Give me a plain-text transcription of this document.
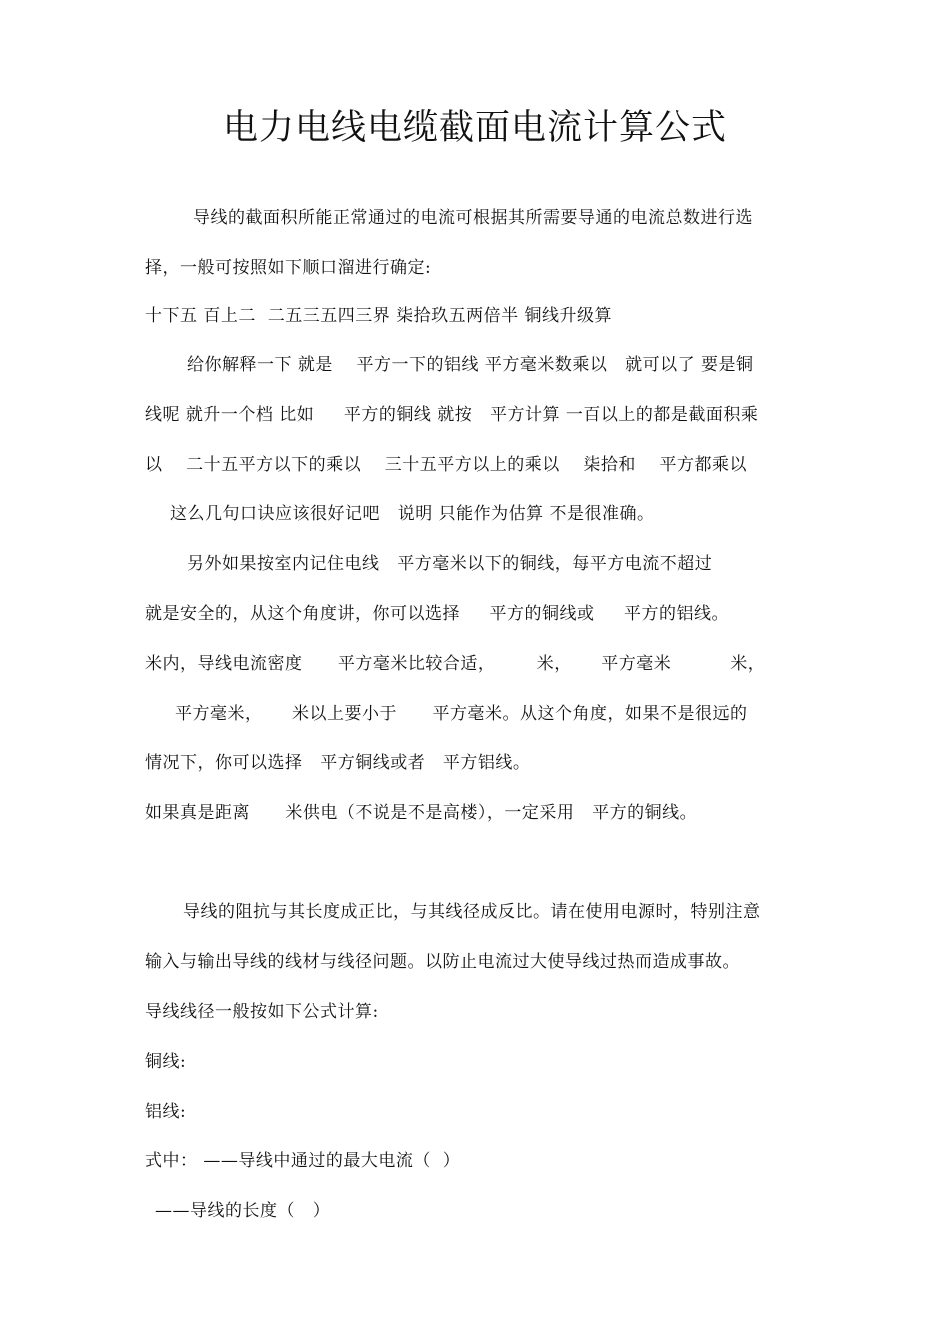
电力电线电缆截面电流计算公式
导线的截面积所能正常通过的电流可根据其所需要导通的电流总数进行选
择，一般可按照如下顺口溜进行确定:
十下五 百上二  二五三五四三界 柒拾玖五两倍半 铜线升级算
给你解释一下 就是    平方一下的铝线 平方毫米数乘以   就可以了 要是铜
线呢 就升一个档 比如     平方的铜线 就按   平方计算 一百以上的都是截面积乘
以    二十五平方以下的乘以    三十五平方以上的乘以    柒拾和    平方都乘以
这么几句口诀应该很好记吧   说明 只能作为估算 不是很准确。
另外如果按室内记住电线   平方毫米以下的铜线，每平方电流不超过
就是安全的，从这个角度讲，你可以选择     平方的铜线或     平方的铝线。
米内，导线电流密度      平方毫米比较合适，       米，     平方毫米          米，
平方毫米，     米以上要小于      平方毫米。从这个角度，如果不是很远的
情况下，你可以选择   平方铜线或者   平方铝线。
如果真是距离      米供电（不说是不是高楼），一定采用   平方的铜线。
导线的阻抗与其长度成正比，与其线径成反比。请在使用电源时，特别注意
输入与输出导线的线材与线径问题。以防止电流过大使导线过热而造成事故。
导线线径一般按如下公式计算:
铜线:
铝线:
式中： ——导线中通过的最大电流（  ）
——导线的长度（   ）
